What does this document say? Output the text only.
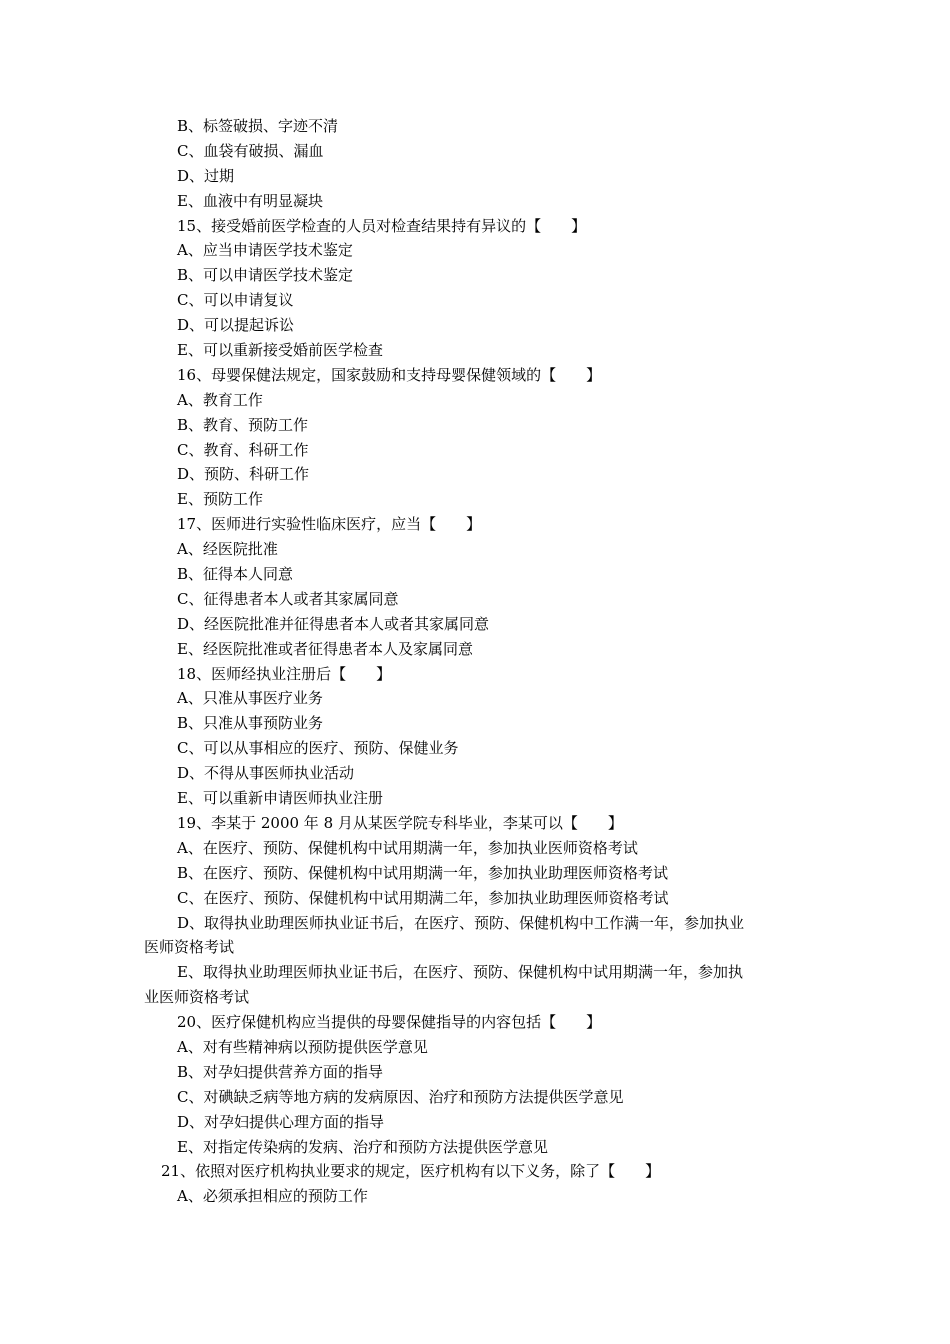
B、标签破损、字迹不清
C、血袋有破损、漏血
D、过期
E、血液中有明显凝块
15、接受婚前医学检查的人员对检查结果持有异议的【　　】
A、应当申请医学技术鉴定
B、可以申请医学技术鉴定
C、可以申请复议
D、可以提起诉讼
E、可以重新接受婚前医学检查
16、母婴保健法规定，国家鼓励和支持母婴保健领域的【　　】
A、教育工作
B、教育、预防工作
C、教育、科研工作
D、预防、科研工作
E、预防工作
17、医师进行实验性临床医疗，应当【　　】
A、经医院批准
B、征得本人同意
C、征得患者本人或者其家属同意
D、经医院批准并征得患者本人或者其家属同意
E、经医院批准或者征得患者本人及家属同意
18、医师经执业注册后【　　】
A、只准从事医疗业务
B、只准从事预防业务
C、可以从事相应的医疗、预防、保健业务
D、不得从事医师执业活动
E、可以重新申请医师执业注册
19、李某于 2000 年 8 月从某医学院专科毕业，李某可以【　　】
A、在医疗、预防、保健机构中试用期满一年，参加执业医师资格考试
B、在医疗、预防、保健机构中试用期满一年，参加执业助理医师资格考试
C、在医疗、预防、保健机构中试用期满二年，参加执业助理医师资格考试
D、取得执业助理医师执业证书后，在医疗、预防、保健机构中工作满一年，参加执业
医师资格考试
E、取得执业助理医师执业证书后，在医疗、预防、保健机构中试用期满一年，参加执
业医师资格考试
20、医疗保健机构应当提供的母婴保健指导的内容包括【　　】
A、对有些精神病以预防提供医学意见
B、对孕妇提供营养方面的指导
C、对碘缺乏病等地方病的发病原因、治疗和预防方法提供医学意见
D、对孕妇提供心理方面的指导
E、对指定传染病的发病、治疗和预防方法提供医学意见
21、依照对医疗机构执业要求的规定，医疗机构有以下义务，除了【　　】
A、必须承担相应的预防工作
